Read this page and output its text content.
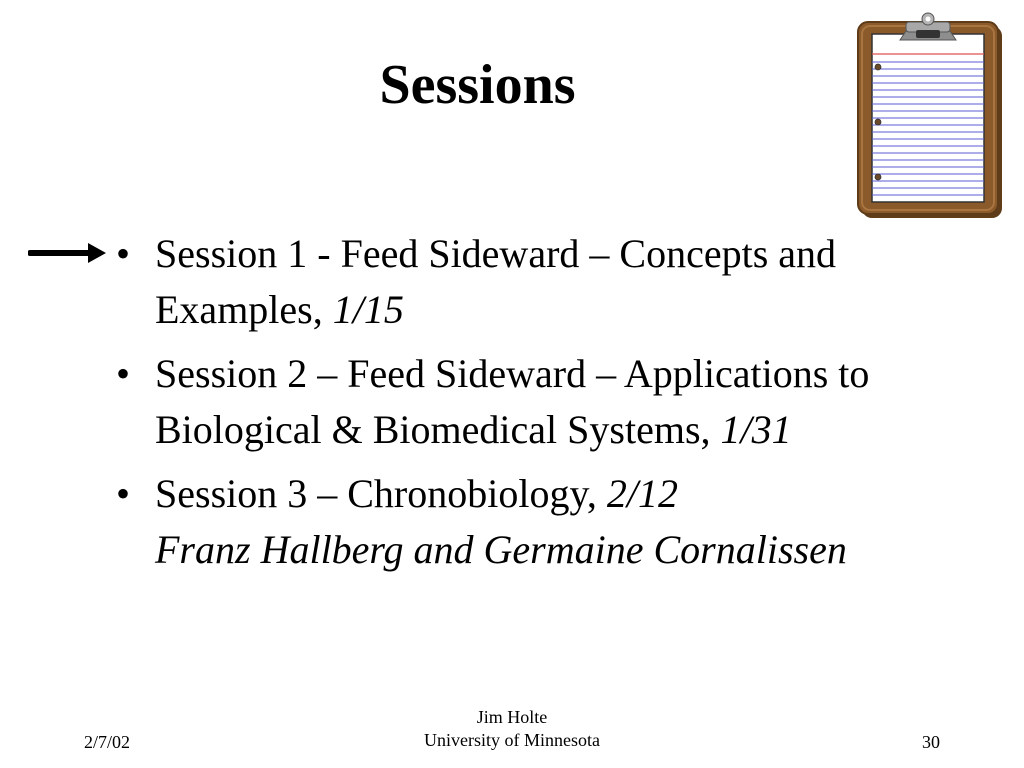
Sessions
• Session 1 - Feed Sideward – Concepts and Examples, 1/15
• Session 2 – Feed Sideward – Applications to Biological & Biomedical Systems, 1/31
• Session 3 – Chronobiology, 2/12
Franz Hallberg and Germaine Cornalissen
2/7/02
Jim Holte
University of Minnesota	30
